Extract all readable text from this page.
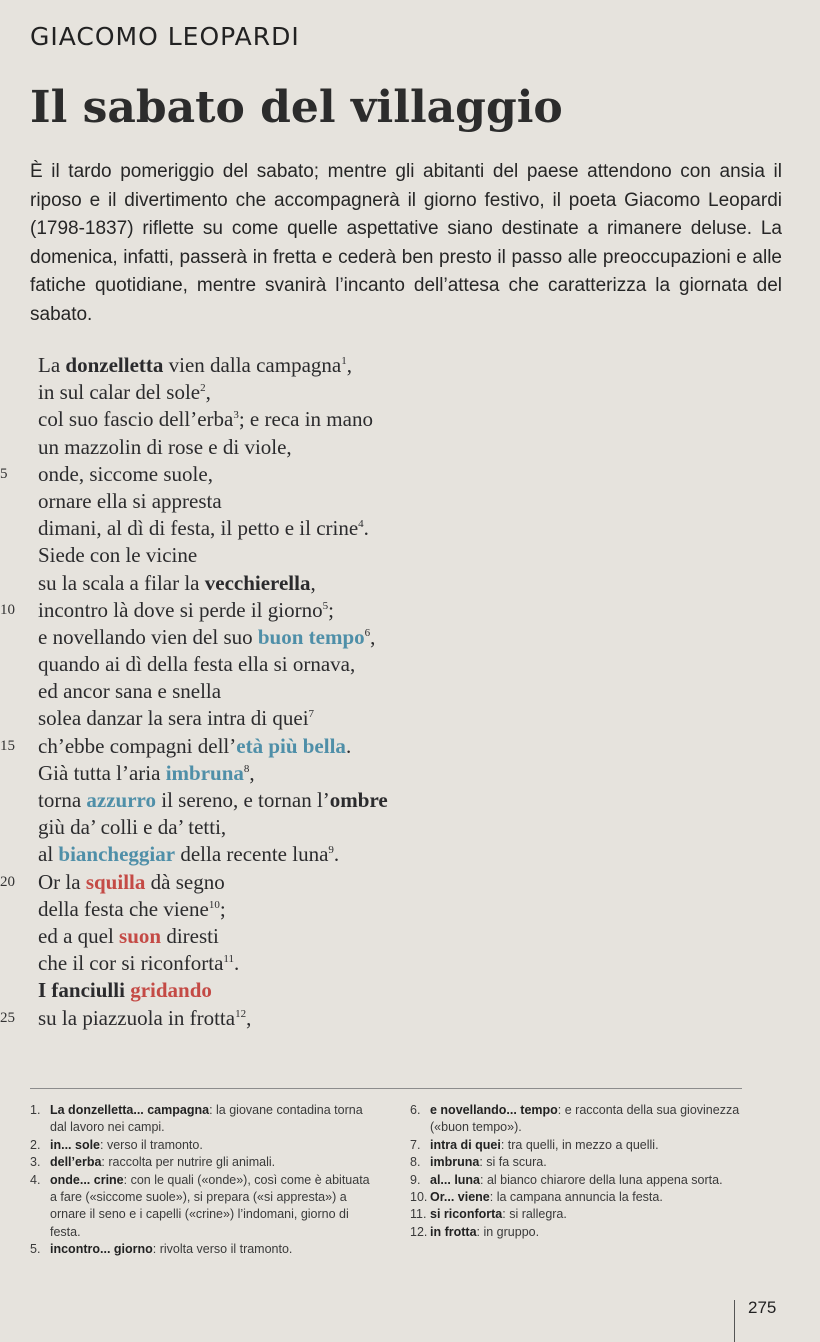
GIACOMO LEOPARDI
Il sabato del villaggio

È il tardo pomeriggio del sabato; mentre gli abitanti del paese attendono con ansia il riposo e il divertimento che accompagnerà il giorno festivo, il poeta Giacomo Leopardi (1798-1837) riflette su come quelle aspettative siano destinate a rimanere deluse. La domenica, infatti, passerà in fretta e cederà ben presto il passo alle preoccupazioni e alle fatiche quotidiane, mentre svanirà l’incanto dell’attesa che caratterizza la giornata del sabato.

La donzelletta vien dalla campagna$^1$,
in sul calar del sole$^2$,
col suo fascio dell’erba$^3$; e reca in mano
un mazzolin di rose e di viole,
5	onde, siccome suole,
ornare ella si appresta
dimani, al dì di festa, il petto e il crine$^4$.
Siede con le vicine
su la scala a filar la vecchierella,
10	incontro là dove si perde il giorno$^5$;
e novellando vien del suo buon tempo$^6$,
quando ai dì della festa ella si ornava,
ed ancor sana e snella
solea danzar la sera intra di quei$^7$
15	ch’ebbe compagni dell’età più bella.
Già tutta l’aria imbruna$^8$,
torna azzurro il sereno, e tornan l’ombre
giù da’ colli e da’ tetti,
al biancheggiar della recente luna$^9$.
20	Or la squilla dà segno
della festa che viene$^{10}$;
ed a quel suon diresti
che il cor si riconforta$^{11}$.
I fanciulli gridando
25	su la piazzuola in frotta$^{12}$,
1. La donzelletta... campagna: la giovane contadina torna dal lavoro nei campi.
2. in... sole: verso il tramonto.
3. dell’erba: raccolta per nutrire gli animali.
4. onde... crine: con le quali («onde»), così come è abituata a fare («siccome suole»), si prepara («si appresta») a ornare il seno e i capelli («crine») l’indomani, giorno di festa.
5. incontro... giorno: rivolta verso il tramonto.
6. e novellando... tempo: e racconta della sua giovinezza («buon tempo»).
7. intra di quei: tra quelli, in mezzo a quelli.
8. imbruna: si fa scura.
9. al... luna: al bianco chiarore della luna appena sorta.
10. Or... viene: la campana annuncia la festa.
11. si riconforta: si rallegra.
12. in frotta: in gruppo.
275
